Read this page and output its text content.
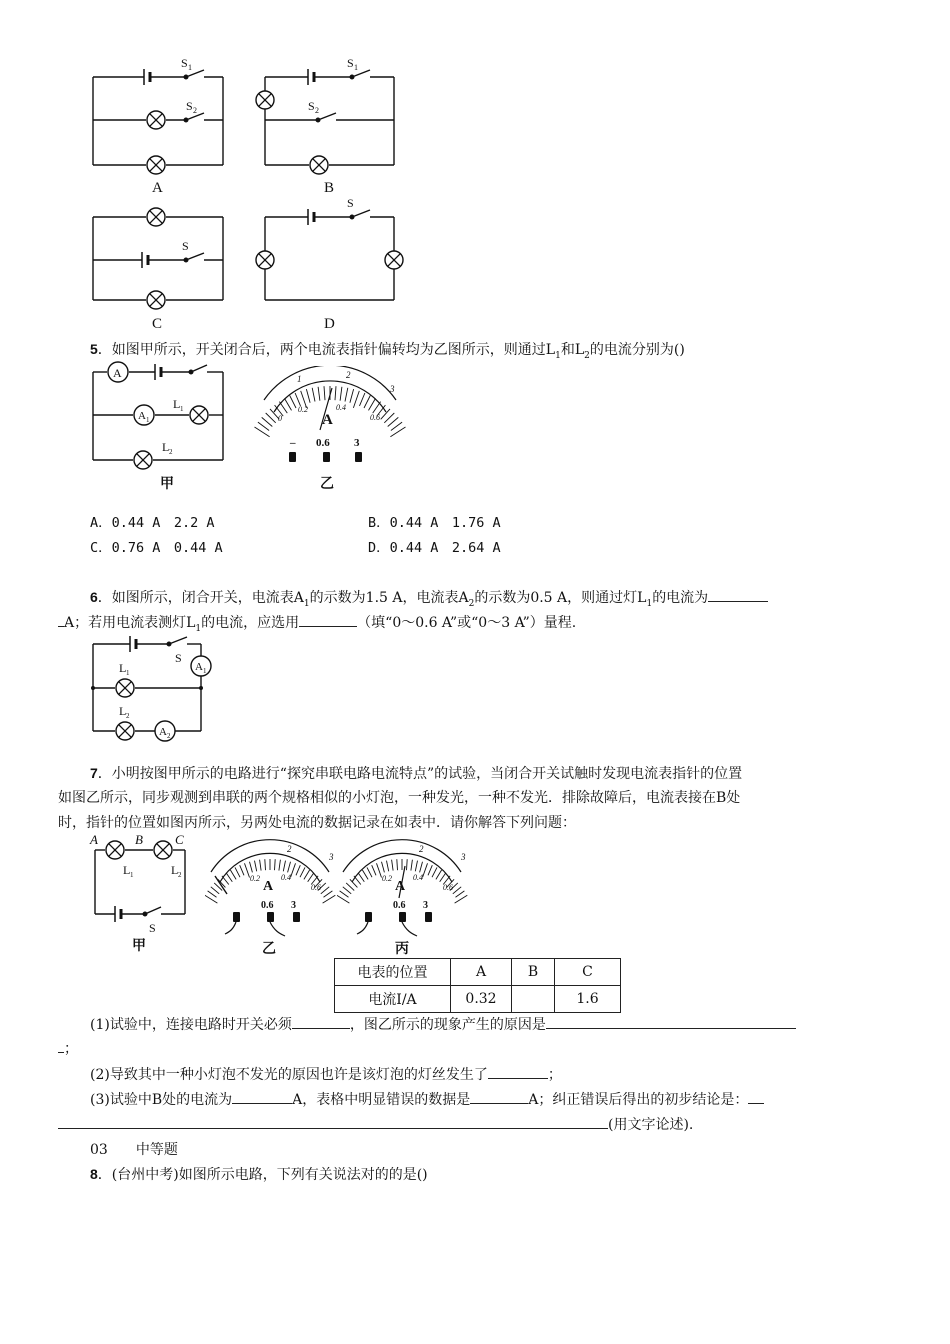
S 1
S 2
S 1
S 2
S
S
A	B
C	D
5．如图甲所示，开关闭合后，两个电流表指针偏转均为乙图所示，则通过$L_1$和$L_2$的电流分别为()
A
A 1
L 1
L 2
甲
1	2
3
0
0.2	0.4
0.6
A
– 0.6 3
乙
A．0.44 A　2.2 A	B．0.44 A　1.76 A
C．0.76 A　0.44 A	D．0.44 A　2.64 A
6．如图所示，闭合开关，电流表$A_1$的示数为1.5 A，电流表$A_2$的示数为0.5 A，则通过灯$L_1$的电流为
A；若用电流表测灯$L_1$的电流，应选用	（填“0～0.6 A”或“0～3 A”）量程.
S
A 1
A 2
L 1
L 2
7．小明按图甲所示的电路进行“探究串联电路电流特点”的试验，当闭合开关试触时发现电流表指针的位置
如图乙所示，同步观测到串联的两个规格相似的小灯泡，一种发光，一种不发光．排除故障后，电流表接在B处
时，指针的位置如图丙所示，另两处电流的数据记录在如表中．请你解答下列问题：
A	B C
L 1	L 2
S
甲
0.2	0.4
0.6
2
3
A
0.6 3
乙
0.2	0.4
0.6
2
3
A
0.6 3
丙
电表的位置	A	B	C
电流I/A	0.32		1.6
(1)试验中，连接电路时开关必须	，图乙所示的现象产生的原因是
；
(2)导致其中一种小灯泡不发光的原因也许是该灯泡的灯丝发生了	；
(3)试验中B处的电流为	A，表格中明显错误的数据是	A；纠正错误后得出的初步结论是：
(用文字论述).
03 中等题
8．(台州中考)如图所示电路，下列有关说法对的的是()
